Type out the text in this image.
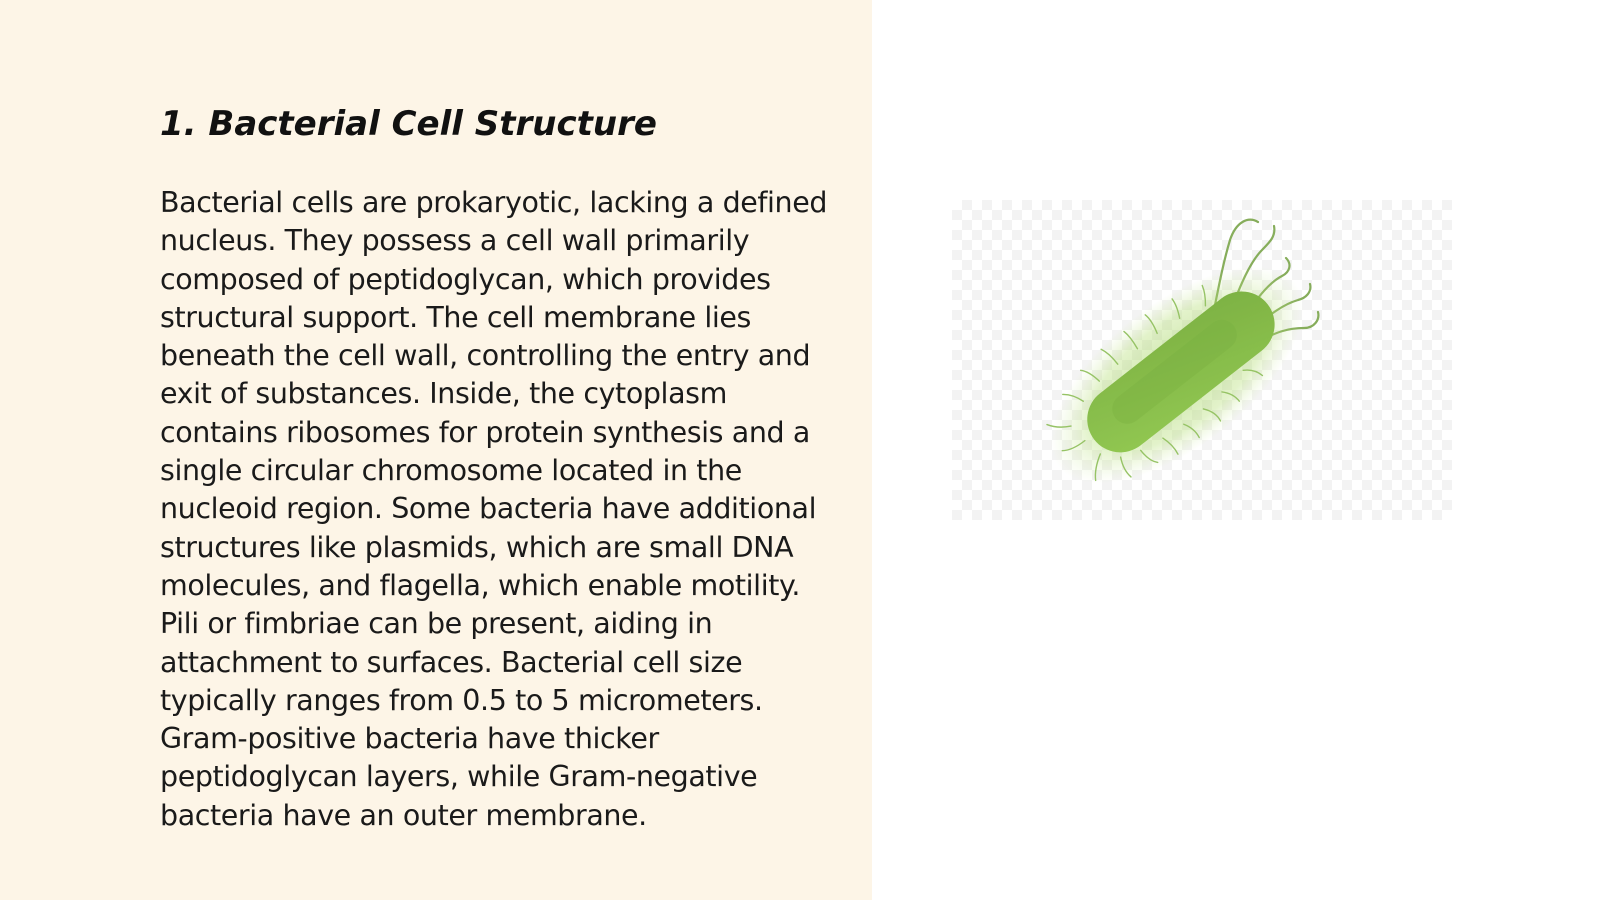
1. Bacterial Cell Structure

Bacterial cells are prokaryotic, lacking a defined nucleus. They possess a cell wall primarily composed of peptidoglycan, which provides structural support. The cell membrane lies beneath the cell wall, controlling the entry and exit of substances. Inside, the cytoplasm contains ribosomes for protein synthesis and a single circular chromosome located in the nucleoid region. Some bacteria have additional structures like plasmids, which are small DNA molecules, and flagella, which enable motility. Pili or fimbriae can be present, aiding in attachment to surfaces. Bacterial cell size typically ranges from 0.5 to 5 micrometers. Gram-positive bacteria have thicker peptidoglycan layers, while Gram-negative bacteria have an outer membrane.
